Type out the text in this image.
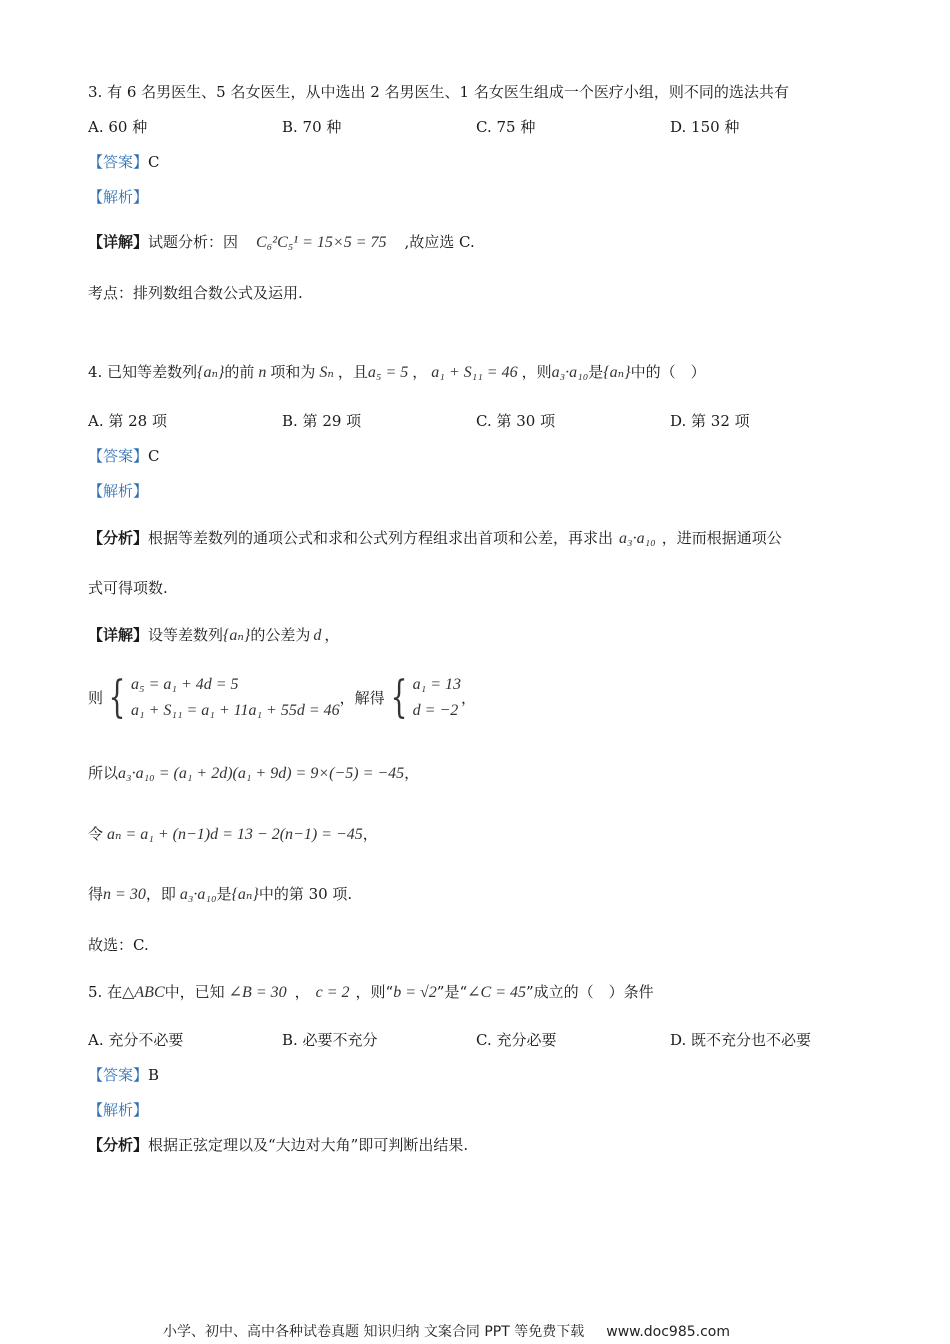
3. 有 6 名男医生、5 名女医生，从中选出 2 名男医生、1 名女医生组成一个医疗小组，则不同的选法共有
A. 60 种	B. 70 种	C. 75 种	D. 150 种
【答案】C
【解析】
【详解】试题分析：因 C₆²C₅¹ = 15×5 = 75 ,故应选 C.
考点：排列数组合数公式及运用.
4. 已知等差数列{aₙ}的前 n 项和为 Sₙ ，且a₅ = 5 ， a₁ + S₁₁ = 46 ，则a₃·a₁₀是{aₙ}中的（　）
A. 第 28 项	B. 第 29 项	C. 第 30 项	D. 第 32 项
【答案】C
【解析】
【分析】根据等差数列的通项公式和求和公式列方程组求出首项和公差，再求出 a₃·a₁₀ ，进而根据通项公
式可得项数.
【详解】设等差数列{aₙ}的公差为 d ，
则 { a₅ = a₁ + 4d = 5
a₁ + S₁₁ = a₁ + 11a₁ + 55d = 46
，解得 { a₁ = 13
d = −2
，
所以a₃·a₁₀ = (a₁ + 2d)(a₁ + 9d) = 9×(−5) = −45，
令 aₙ = a₁ + (n−1)d = 13 − 2(n−1) = −45，
得n = 30，即 a₃·a₁₀是{aₙ}中的第 30 项.
故选：C.
5. 在△ABC中，已知 ∠B = 30 ， c = 2 ，则“b = √2”是“∠C = 45”成立的（　）条件
A. 充分不必要	B. 必要不充分	C. 充分必要	D. 既不充分也不必要
【答案】B
【解析】
【分析】根据正弦定理以及“大边对大角”即可判断出结果.
小学、初中、高中各种试卷真题 知识归纳 文案合同 PPT 等免费下载 www.doc985.com
